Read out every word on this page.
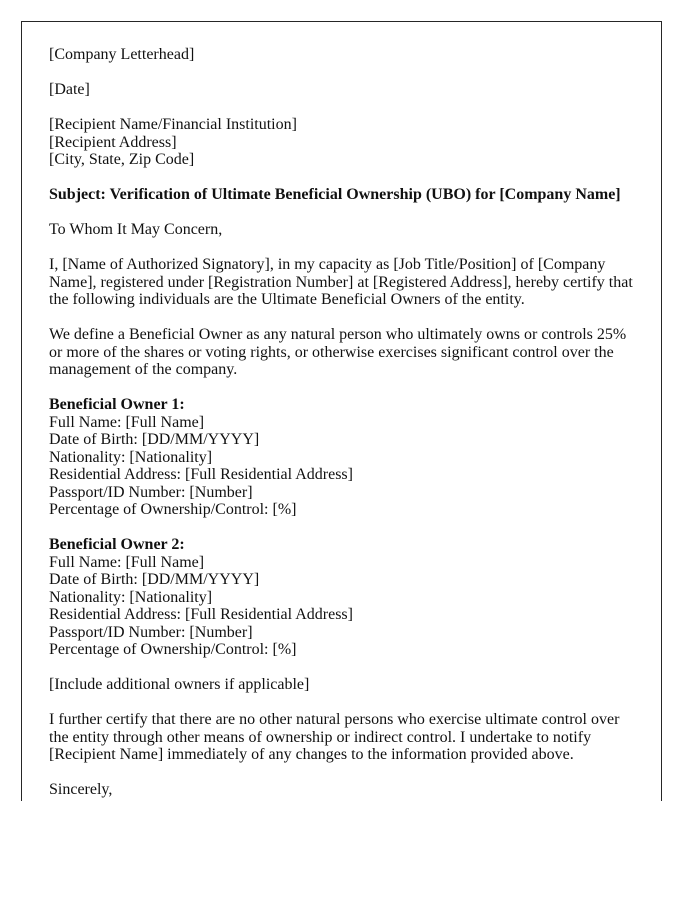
[Company Letterhead]
[Date]
[Recipient Name/Financial Institution]
[Recipient Address]
[City, State, Zip Code]
Subject: Verification of Ultimate Beneficial Ownership (UBO) for [Company Name]
To Whom It May Concern,
I, [Name of Authorized Signatory], in my capacity as [Job Title/Position] of [Company
Name], registered under [Registration Number] at [Registered Address], hereby certify that
the following individuals are the Ultimate Beneficial Owners of the entity.
We define a Beneficial Owner as any natural person who ultimately owns or controls 25%
or more of the shares or voting rights, or otherwise exercises significant control over the
management of the company.
Beneficial Owner 1:
Full Name: [Full Name]
Date of Birth: [DD/MM/YYYY]
Nationality: [Nationality]
Residential Address: [Full Residential Address]
Passport/ID Number: [Number]
Percentage of Ownership/Control: [%]
Beneficial Owner 2:
Full Name: [Full Name]
Date of Birth: [DD/MM/YYYY]
Nationality: [Nationality]
Residential Address: [Full Residential Address]
Passport/ID Number: [Number]
Percentage of Ownership/Control: [%]
[Include additional owners if applicable]
I further certify that there are no other natural persons who exercise ultimate control over
the entity through other means of ownership or indirect control. I undertake to notify
[Recipient Name] immediately of any changes to the information provided above.
Sincerely,
